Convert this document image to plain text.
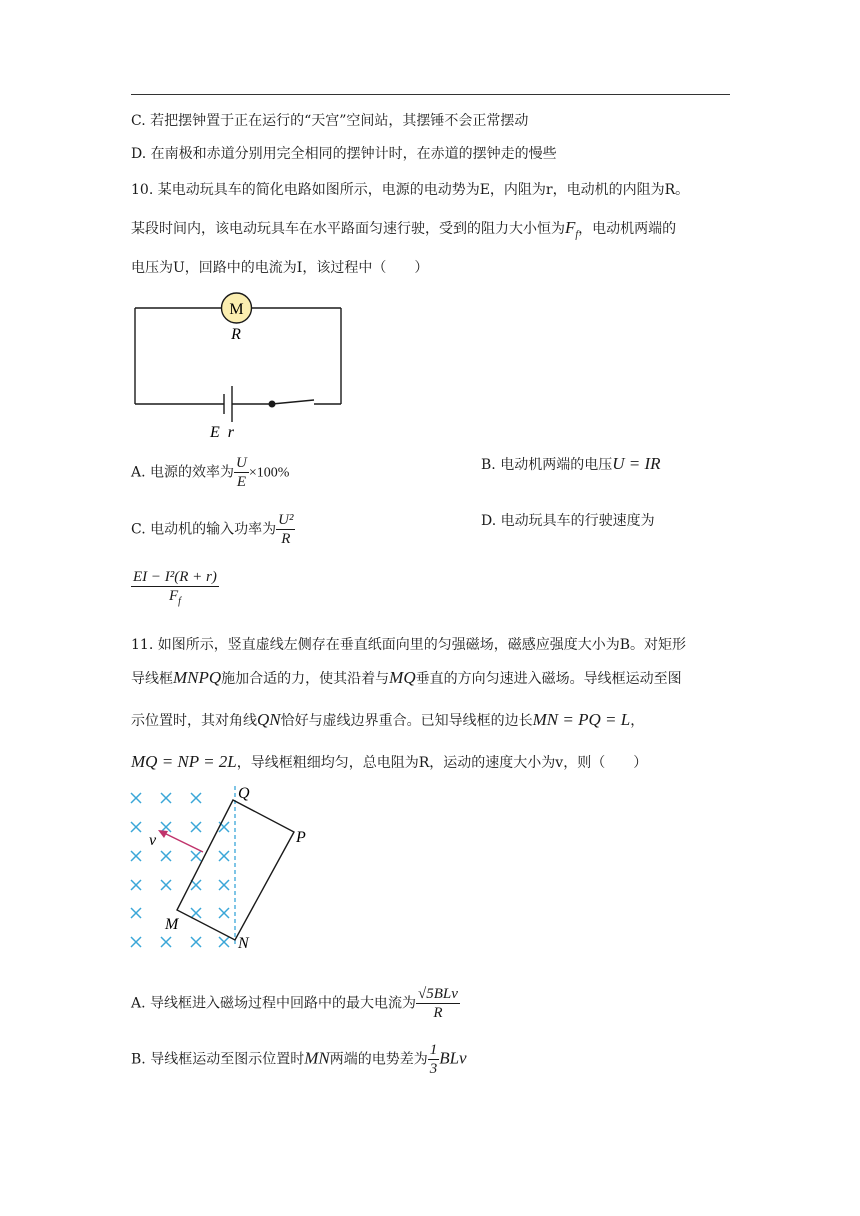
C. 若把摆钟置于正在运行的“天宫”空间站，其摆锤不会正常摆动
D. 在南极和赤道分别用完全相同的摆钟计时，在赤道的摆钟走的慢些
10. 某电动玩具车的简化电路如图所示，电源的电动势为E，内阻为r，电动机的内阻为R。
某段时间内，该电动玩具车在水平路面匀速行驶，受到的阻力大小恒为$F_f$，电动机两端的
电压为U，回路中的电流为I，该过程中（　　）
M
R
E  r
A. 电源的效率为 $\frac{U}{E} \times 100\%$	B. 电动机两端的电压U = IR
C. 电动机的输入功率为 $\frac{\text{U²}}{R}$	D. 电动玩具车的行驶速度为
$\frac{\text{EI − I²(R + r)}}{F_f}$
11. 如图所示，竖直虚线左侧存在垂直纸面向里的匀强磁场，磁感应强度大小为B。对矩形
导线框MNPQ施加合适的力，使其沿着与MQ垂直的方向匀速进入磁场。导线框运动至图
示位置时，其对角线QN恰好与虚线边界重合。已知导线框的边长MN = PQ = L，
MQ = NP = 2L，导线框粗细均匀，总电阻为R，运动的速度大小为v，则（　　）
Q
P
M
N
v
A. 导线框进入磁场过程中回路中的最大电流为 $\frac{\text{√5BLv}}{R}$
B. 导线框运动至图示位置时MN两端的电势差为 $\frac{1}{3}$ BLv
